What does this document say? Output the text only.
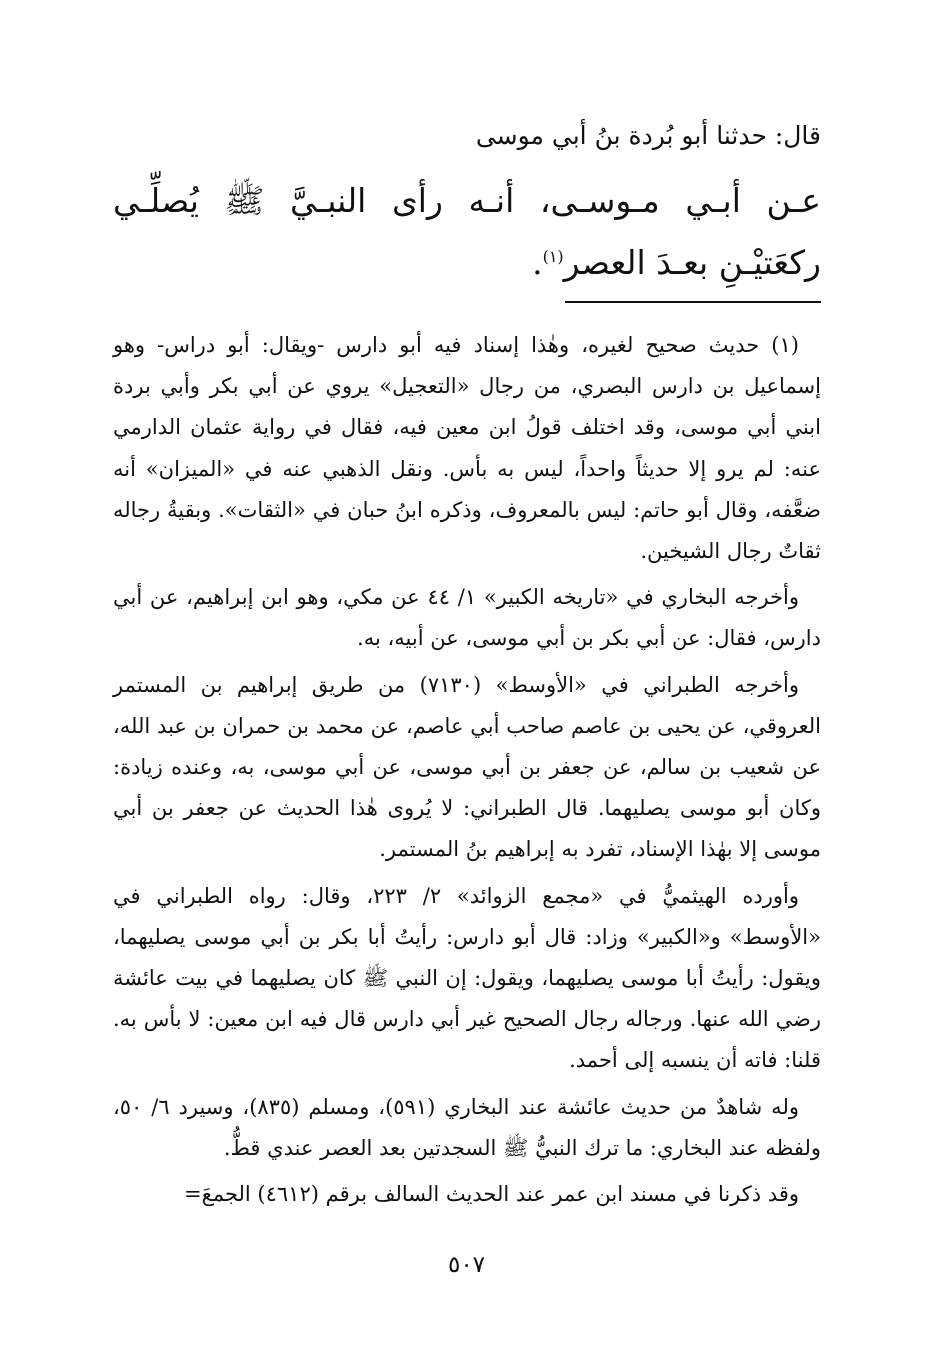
قال: حدثنا أبو بُردة بنُ أبي موسى
عـن أبـي مـوسـى، أنـه رأى النبـيَّ ﷺ يُصلِّـي ركعَتيْـنِ بعـدَ العصر$^{(١)}$.

(١) حديث صحيح لغيره، وهٰذا إسناد فيه أبو دارس -ويقال: أبو دراس- وهو إسماعيل بن دارس البصري، من رجال «التعجيل» يروي عن أبي بكر وأبي بردة ابني أبي موسى، وقد اختلف قولُ ابن معين فيه، فقال في رواية عثمان الدارمي عنه: لم يرو إلا حديثاً واحداً، ليس به بأس. ونقل الذهبي عنه في «الميزان» أنه ضعَّفه، وقال أبو حاتم: ليس بالمعروف، وذكره ابنُ حبان في «الثقات». وبقيةُ رجاله ثقاتٌ رجال الشيخين.

وأخرجه البخاري في «تاريخه الكبير» ١/ ٤٤ عن مكي، وهو ابن إبراهيم، عن أبي دارس، فقال: عن أبي بكر بن أبي موسى، عن أبيه، به.

وأخرجه الطبراني في «الأوسط» (٧١٣٠) من طريق إبراهيم بن المستمر العروقي، عن يحيى بن عاصم صاحب أبي عاصم، عن محمد بن حمران بن عبد الله، عن شعيب بن سالم، عن جعفر بن أبي موسى، عن أبي موسى، به، وعنده زيادة: وكان أبو موسى يصليهما. قال الطبراني: لا يُروى هٰذا الحديث عن جعفر بن أبي موسى إلا بهٰذا الإسناد، تفرد به إبراهيم بنُ المستمر.

وأورده الهيثميُّ في «مجمع الزوائد» ٢/ ٢٢٣، وقال: رواه الطبراني في «الأوسط» و«الكبير» وزاد: قال أبو دارس: رأيتُ أبا بكر بن أبي موسى يصليهما، ويقول: رأيتُ أبا موسى يصليهما، ويقول: إن النبي ﷺ كان يصليهما في بيت عائشة رضي الله عنها. ورجاله رجال الصحيح غير أبي دارس قال فيه ابن معين: لا بأس به. قلنا: فاته أن ينسبه إلى أحمد.

وله شاهدٌ من حديث عائشة عند البخاري (٥٩١)، ومسلم (٨٣٥)، وسيرد ٦/ ٥٠، ولفظه عند البخاري: ما ترك النبيُّ ﷺ السجدتين بعد العصر عندي قطُّ.

وقد ذكرنا في مسند ابن عمر عند الحديث السالف برقم (٤٦١٢) الجمعَ=

٥٠٧
